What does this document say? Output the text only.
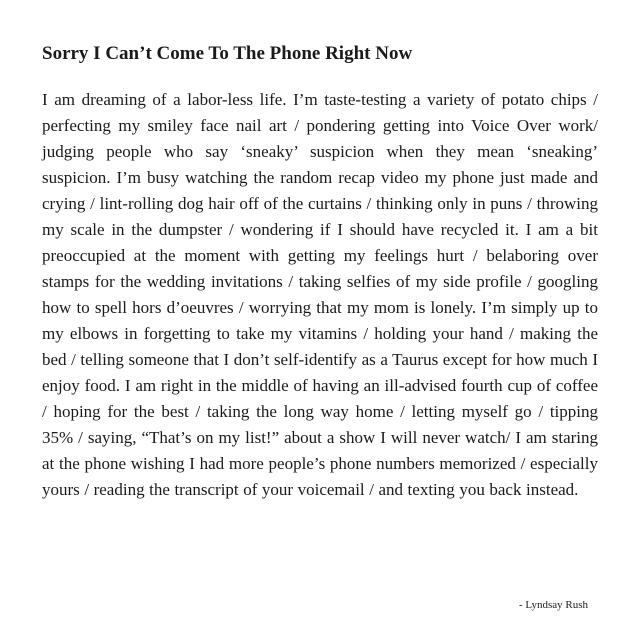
Sorry I Can’t Come To The Phone Right Now

I am dreaming of a labor-less life. I’m taste-testing a variety of potato chips / perfecting my smiley face nail art / pondering getting into Voice Over work/ judging people who say ‘sneaky’ suspicion when they mean ‘sneaking’ suspicion. I’m busy watching the random recap video my phone just made and crying / lint-rolling dog hair off of the curtains / thinking only in puns / throwing my scale in the dumpster / wondering if I should have recycled it. I am a bit preoccupied at the moment with getting my feelings hurt / belaboring over stamps for the wedding invitations / taking selfies of my side profile / googling how to spell hors d’oeuvres / worrying that my mom is lonely. I’m simply up to my elbows in forgetting to take my vitamins / holding your hand / making the bed / telling someone that I don’t self-identify as a Taurus except for how much I enjoy food. I am right in the middle of having an ill-advised fourth cup of coffee / hoping for the best / taking the long way home / letting myself go / tipping 35% / saying, “That’s on my list!” about a show I will never watch/ I am staring at the phone wishing I had more people’s phone numbers memorized / especially yours / reading the transcript of your voicemail / and texting you back instead.

- Lyndsay Rush
